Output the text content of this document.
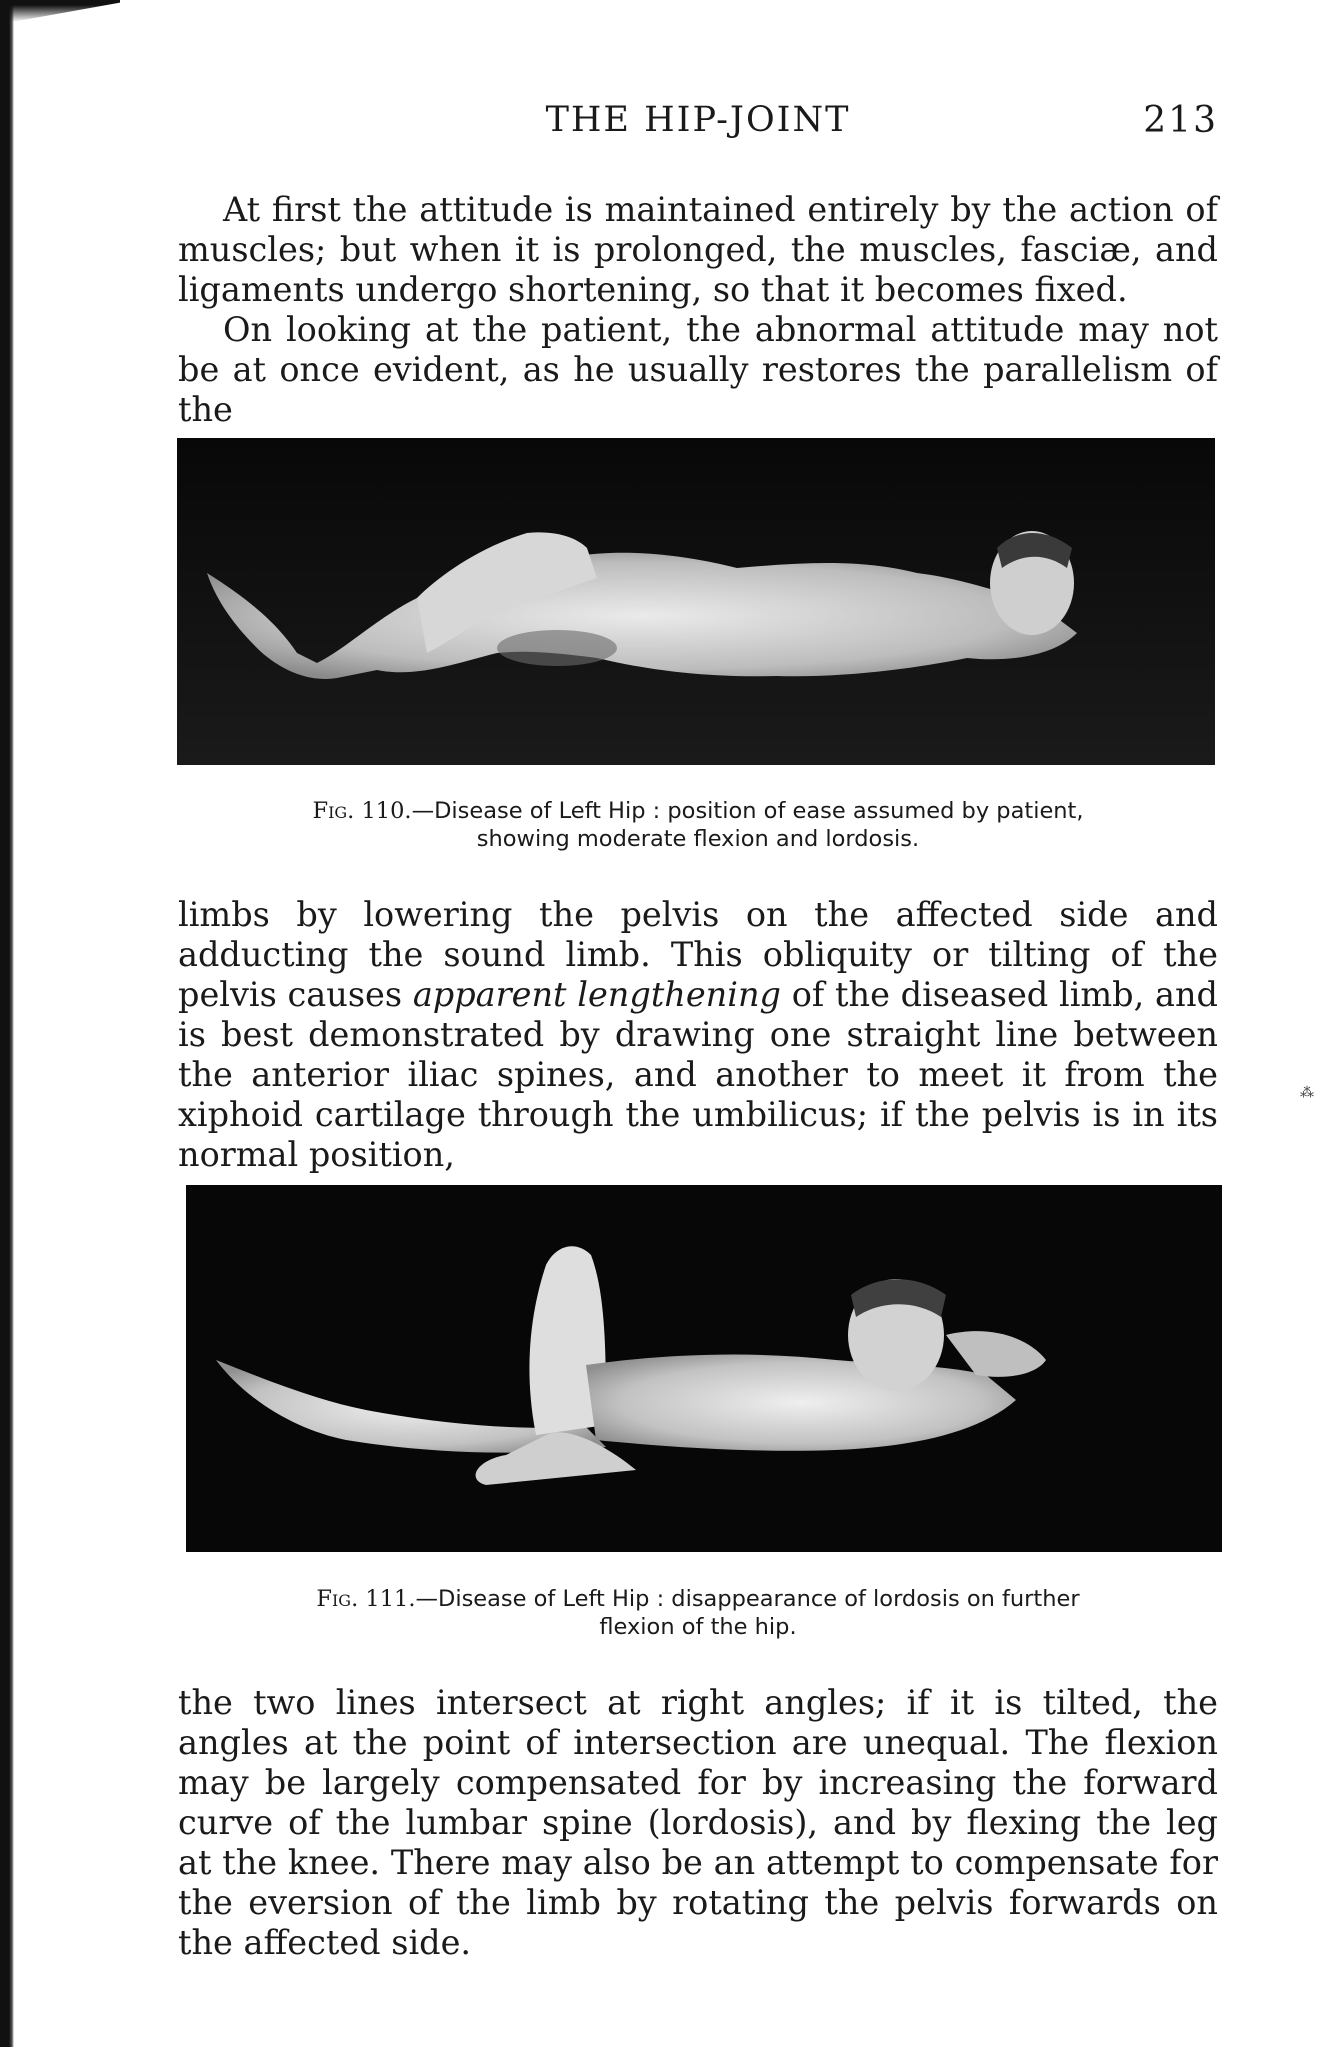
THE HIP-JOINT	213

At first the attitude is maintained entirely by the action of muscles; but when it is prolonged, the muscles, fasciæ, and ligaments undergo shortening, so that it becomes fixed.

On looking at the patient, the abnormal attitude may not be at once evident, as he usually restores the parallelism of the

Fig. 110.—Disease of Left Hip : position of ease assumed by patient,
showing moderate flexion and lordosis.

limbs by lowering the pelvis on the affected side and adducting the sound limb. This obliquity or tilting of the pelvis causes apparent lengthening of the diseased limb, and is best demonstrated by drawing one straight line between the anterior iliac spines, and another to meet it from the xiphoid cartilage through the umbilicus; if the pelvis is in its normal position,

⁂
Fig. 111.—Disease of Left Hip : disappearance of lordosis on further
flexion of the hip.

the two lines intersect at right angles; if it is tilted, the angles at the point of intersection are unequal. The flexion may be largely compensated for by increasing the forward curve of the lumbar spine (lordosis), and by flexing the leg at the knee. There may also be an attempt to compensate for the eversion of the limb by rotating the pelvis forwards on the affected side.
